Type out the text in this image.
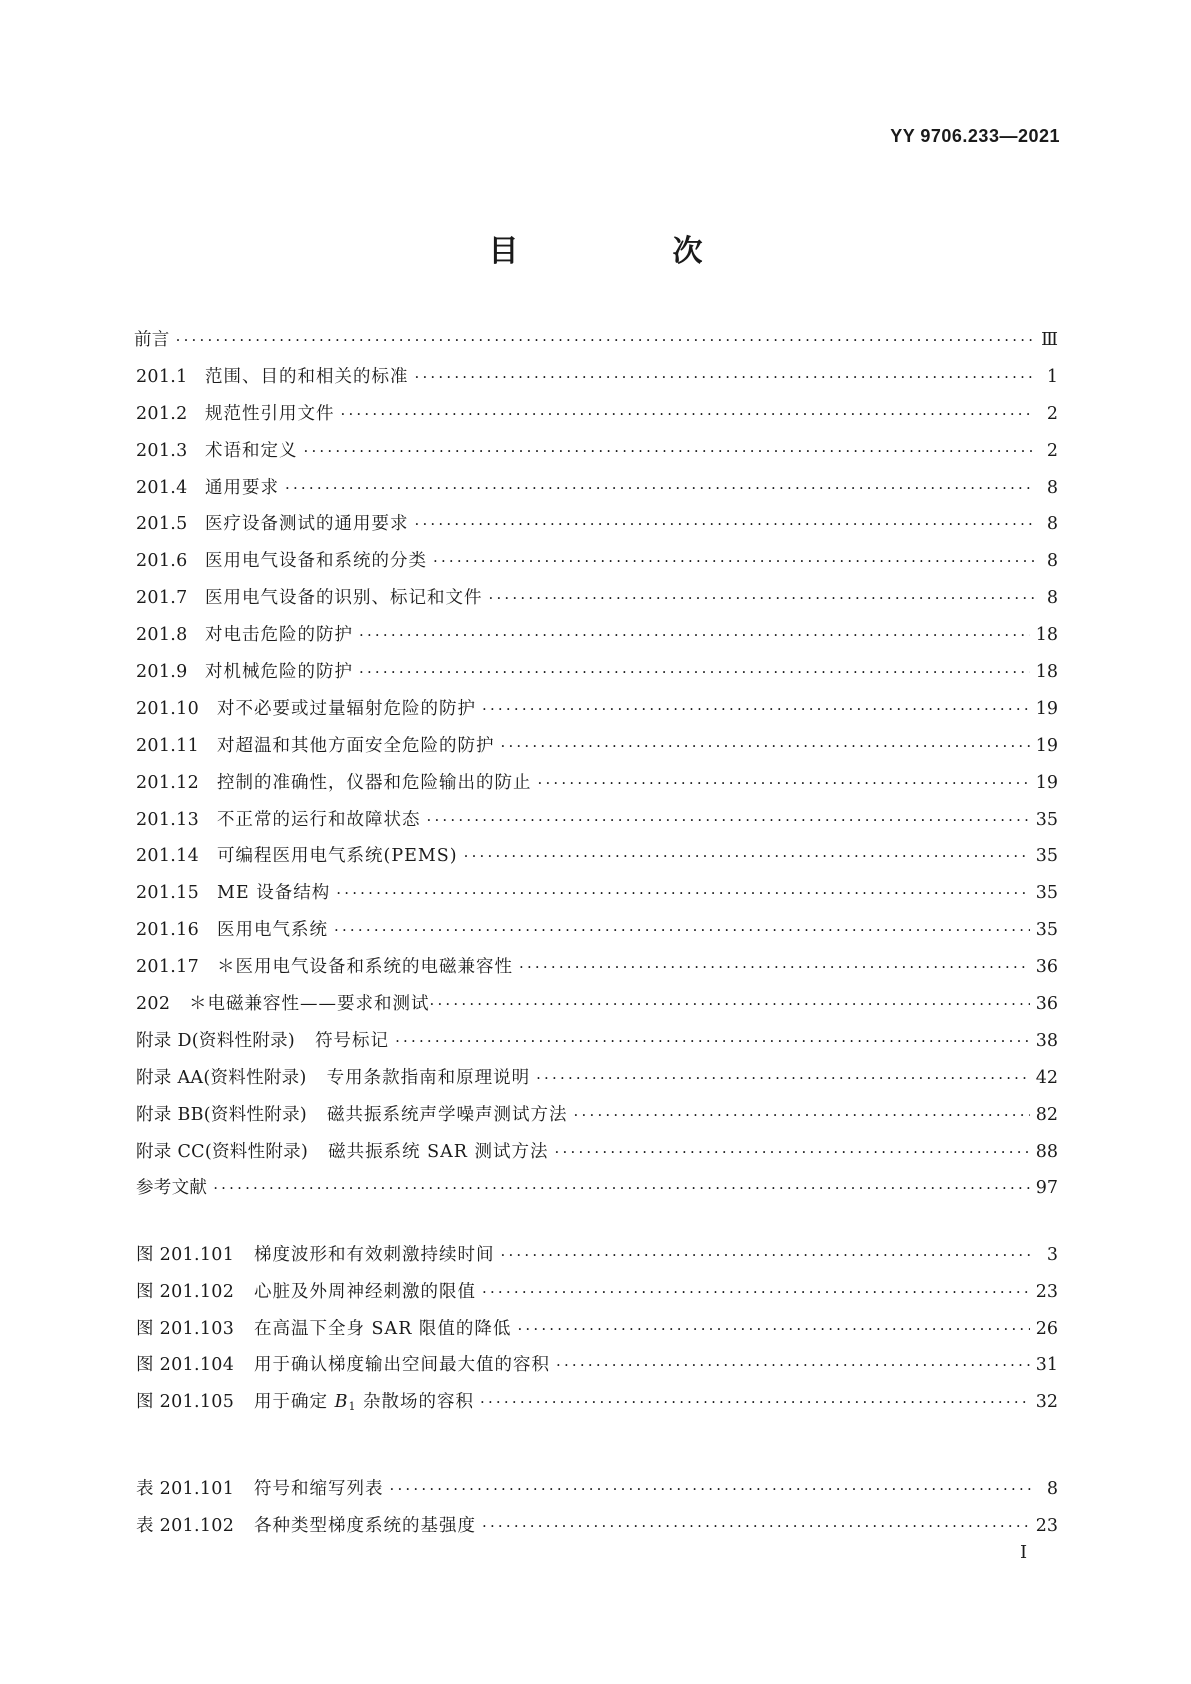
YY 9706.233—2021
目　次
前言 ·····	Ⅲ
201.1 范围、目的和相关的标准 ·····	1
201.2 规范性引用文件 ·····	2
201.3 术语和定义 ·····	2
201.4 通用要求 ·····	8
201.5 医疗设备测试的通用要求 ·····	8
201.6 医用电气设备和系统的分类 ·····	8
201.7 医用电气设备的识别、标记和文件 ·····	8
201.8 对电击危险的防护 ·····	18
201.9 对机械危险的防护 ·····	18
201.10	对不必要或过量辐射危险的防护 ·····	19
201.11	对超温和其他方面安全危险的防护 ·····	19
201.12	控制的准确性，仪器和危险输出的防止 ·····	19
201.13	不正常的运行和故障状态 ·····	35
201.14	可编程医用电气系统(PEMS) ·····	35
201.15	ME 设备结构 ·····	35
201.16	医用电气系统 ·····	35
201.17	＊医用电气设备和系统的电磁兼容性 ·····	36
202	＊电磁兼容性——要求和测试 ·····	36
附录 D(资料性附录) 符号标记 ·····	38
附录 AA(资料性附录) 专用条款指南和原理说明 ·····	42
附录 BB(资料性附录) 磁共振系统声学噪声测试方法 ·····	82
附录 CC(资料性附录) 磁共振系统 SAR 测试方法 ·····	88
参考文献 ·····	97
图 201.101	梯度波形和有效刺激持续时间 ·····	3
图 201.102	心脏及外周神经刺激的限值 ·····	23
图 201.103	在高温下全身 SAR 限值的降低 ·····	26
图 201.104	用于确认梯度输出空间最大值的容积 ·····	31
图 201.105	用于确定 $B_1$ 杂散场的容积 ·····	32
表 201.101	符号和缩写列表 ·····	8
表 201.102	各种类型梯度系统的基强度 ·····	23
I
